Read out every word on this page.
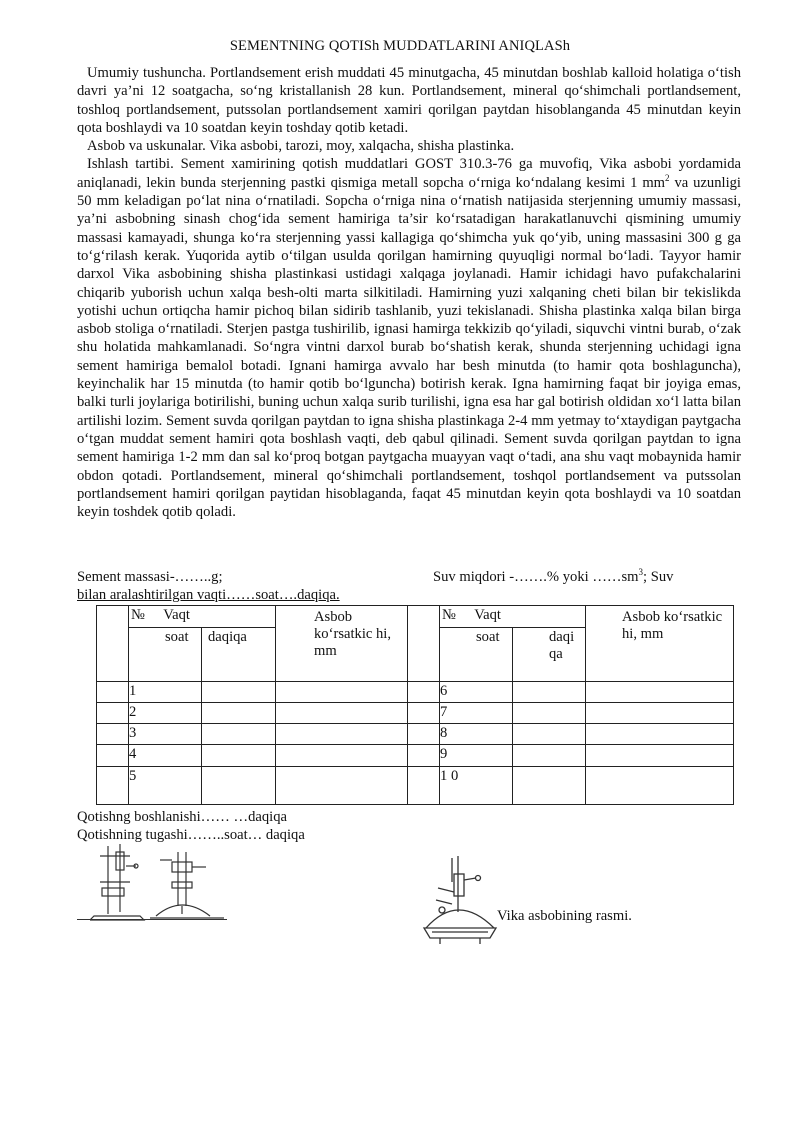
SEMENTNING QOTISh MUDDATLARINI ANIQLASh

Umumiy tushuncha. Portlandsement erish muddati 45 minutgacha, 45 minutdan boshlab kalloid holatiga o‘tish davri ya’ni 12 soatgacha, so‘ng kristallanish 28 kun. Portlandsement, mineral qo‘shimchali portlandsement, toshloq portlandsement, putssolan portlandsement xamiri qorilgan paytdan hisoblanganda 45 minutdan keyin qota boshlaydi va 10 soatdan keyin toshday qotib ketadi.

Asbob va uskunalar. Vika asbobi, tarozi, moy, xalqacha, shisha plastinka.

Ishlash tartibi. Sement xamirining qotish muddatlari GOST 310.3-76 ga muvofiq, Vika asbobi yordamida aniqlanadi, lekin bunda sterjenning pastki qismiga metall sopcha o‘rniga ko‘ndalang kesimi 1 $mm^2$ va uzunligi 50 mm keladigan po‘lat nina o‘rnatiladi. Sopcha o‘rniga nina o‘rnatish natijasida sterjenning umumiy massasi, ya’ni asbobning sinash chog‘ida sement hamiriga ta’sir ko‘rsatadigan harakatlanuvchi qismining umumiy massasi kamayadi, shunga ko‘ra sterjenning yassi kallagiga qo‘shimcha yuk qo‘yib, uning massasini 300 g ga to‘g‘rilash kerak. Yuqorida aytib o‘tilgan usulda qorilgan hamirning quyuqligi normal bo‘ladi. Tayyor hamir darxol Vika asbobining shisha plastinkasi ustidagi xalqaga joylanadi. Hamir ichidagi havo pufakchalarini chiqarib yuborish uchun xalqa besh-olti marta silkitiladi. Hamirning yuzi xalqaning cheti bilan bir tekislikda yotishi uchun ortiqcha hamir pichoq bilan sidirib tashlanib, yuzi tekislanadi. Shisha plastinka xalqa bilan birga asbob stoliga o‘rnatiladi. Sterjen pastga tushirilib, ignasi hamirga tekkizib qo‘yiladi, siquvchi vintni burab, o‘zak shu holatida mahkamlanadi. So‘ngra vintni darxol burab bo‘shatish kerak, shunda sterjenning uchidagi igna sement hamiriga bemalol botadi. Ignani hamirga avvalo har besh minutda (to hamir qota boshlaguncha), keyinchalik har 15 minutda (to hamir qotib bo‘lguncha) botirish kerak. Igna hamirning faqat bir joyiga emas, balki turli joylariga botirilishi, buning uchun xalqa surib turilishi, igna esa har gal botirish oldidan xo‘l latta bilan artilishi lozim. Sement suvda qorilgan paytdan to igna shisha plastinkaga 2-4 mm yetmay to‘xtaydigan paytgacha o‘tgan muddat sement hamiri qota boshlash vaqti, deb qabul qilinadi. Sement suvda qorilgan paytdan to igna sement hamiriga 1-2 mm dan sal ko‘proq botgan paytgacha muayyan vaqt o‘tadi, ana shu vaqt mobaynida hamir obdon qotadi. Portlandsement, mineral qo‘shimchali portlandsement, toshqol portlandsement va putssolan portlandsement hamiri qorilgan paytidan hisoblaganda, faqat 45 minutdan keyin qota boshlaydi va 10 soatdan keyin toshdek qotib qoladi.

Sement massasi-……..g;	Suv miqdori -…….% yoki $\dots\dots sm^3$; Suv
bilan aralashtirilgan vaqti……soat….daqiqa.
	№ Vaqt		Asbob ko‘rsatkic hi, mm		№ Vaqt		Asbob ko‘rsatkic hi, mm
	soat	daqiqa			soat	daqi qa	
	1				6		
	2				7		
	3				8		
	4				9		
	5				1 0		
Qotishng boshlanishi…… …daqiqa
Qotishning tugashi……..soat… daqiqa
Vika asbobining rasmi.
